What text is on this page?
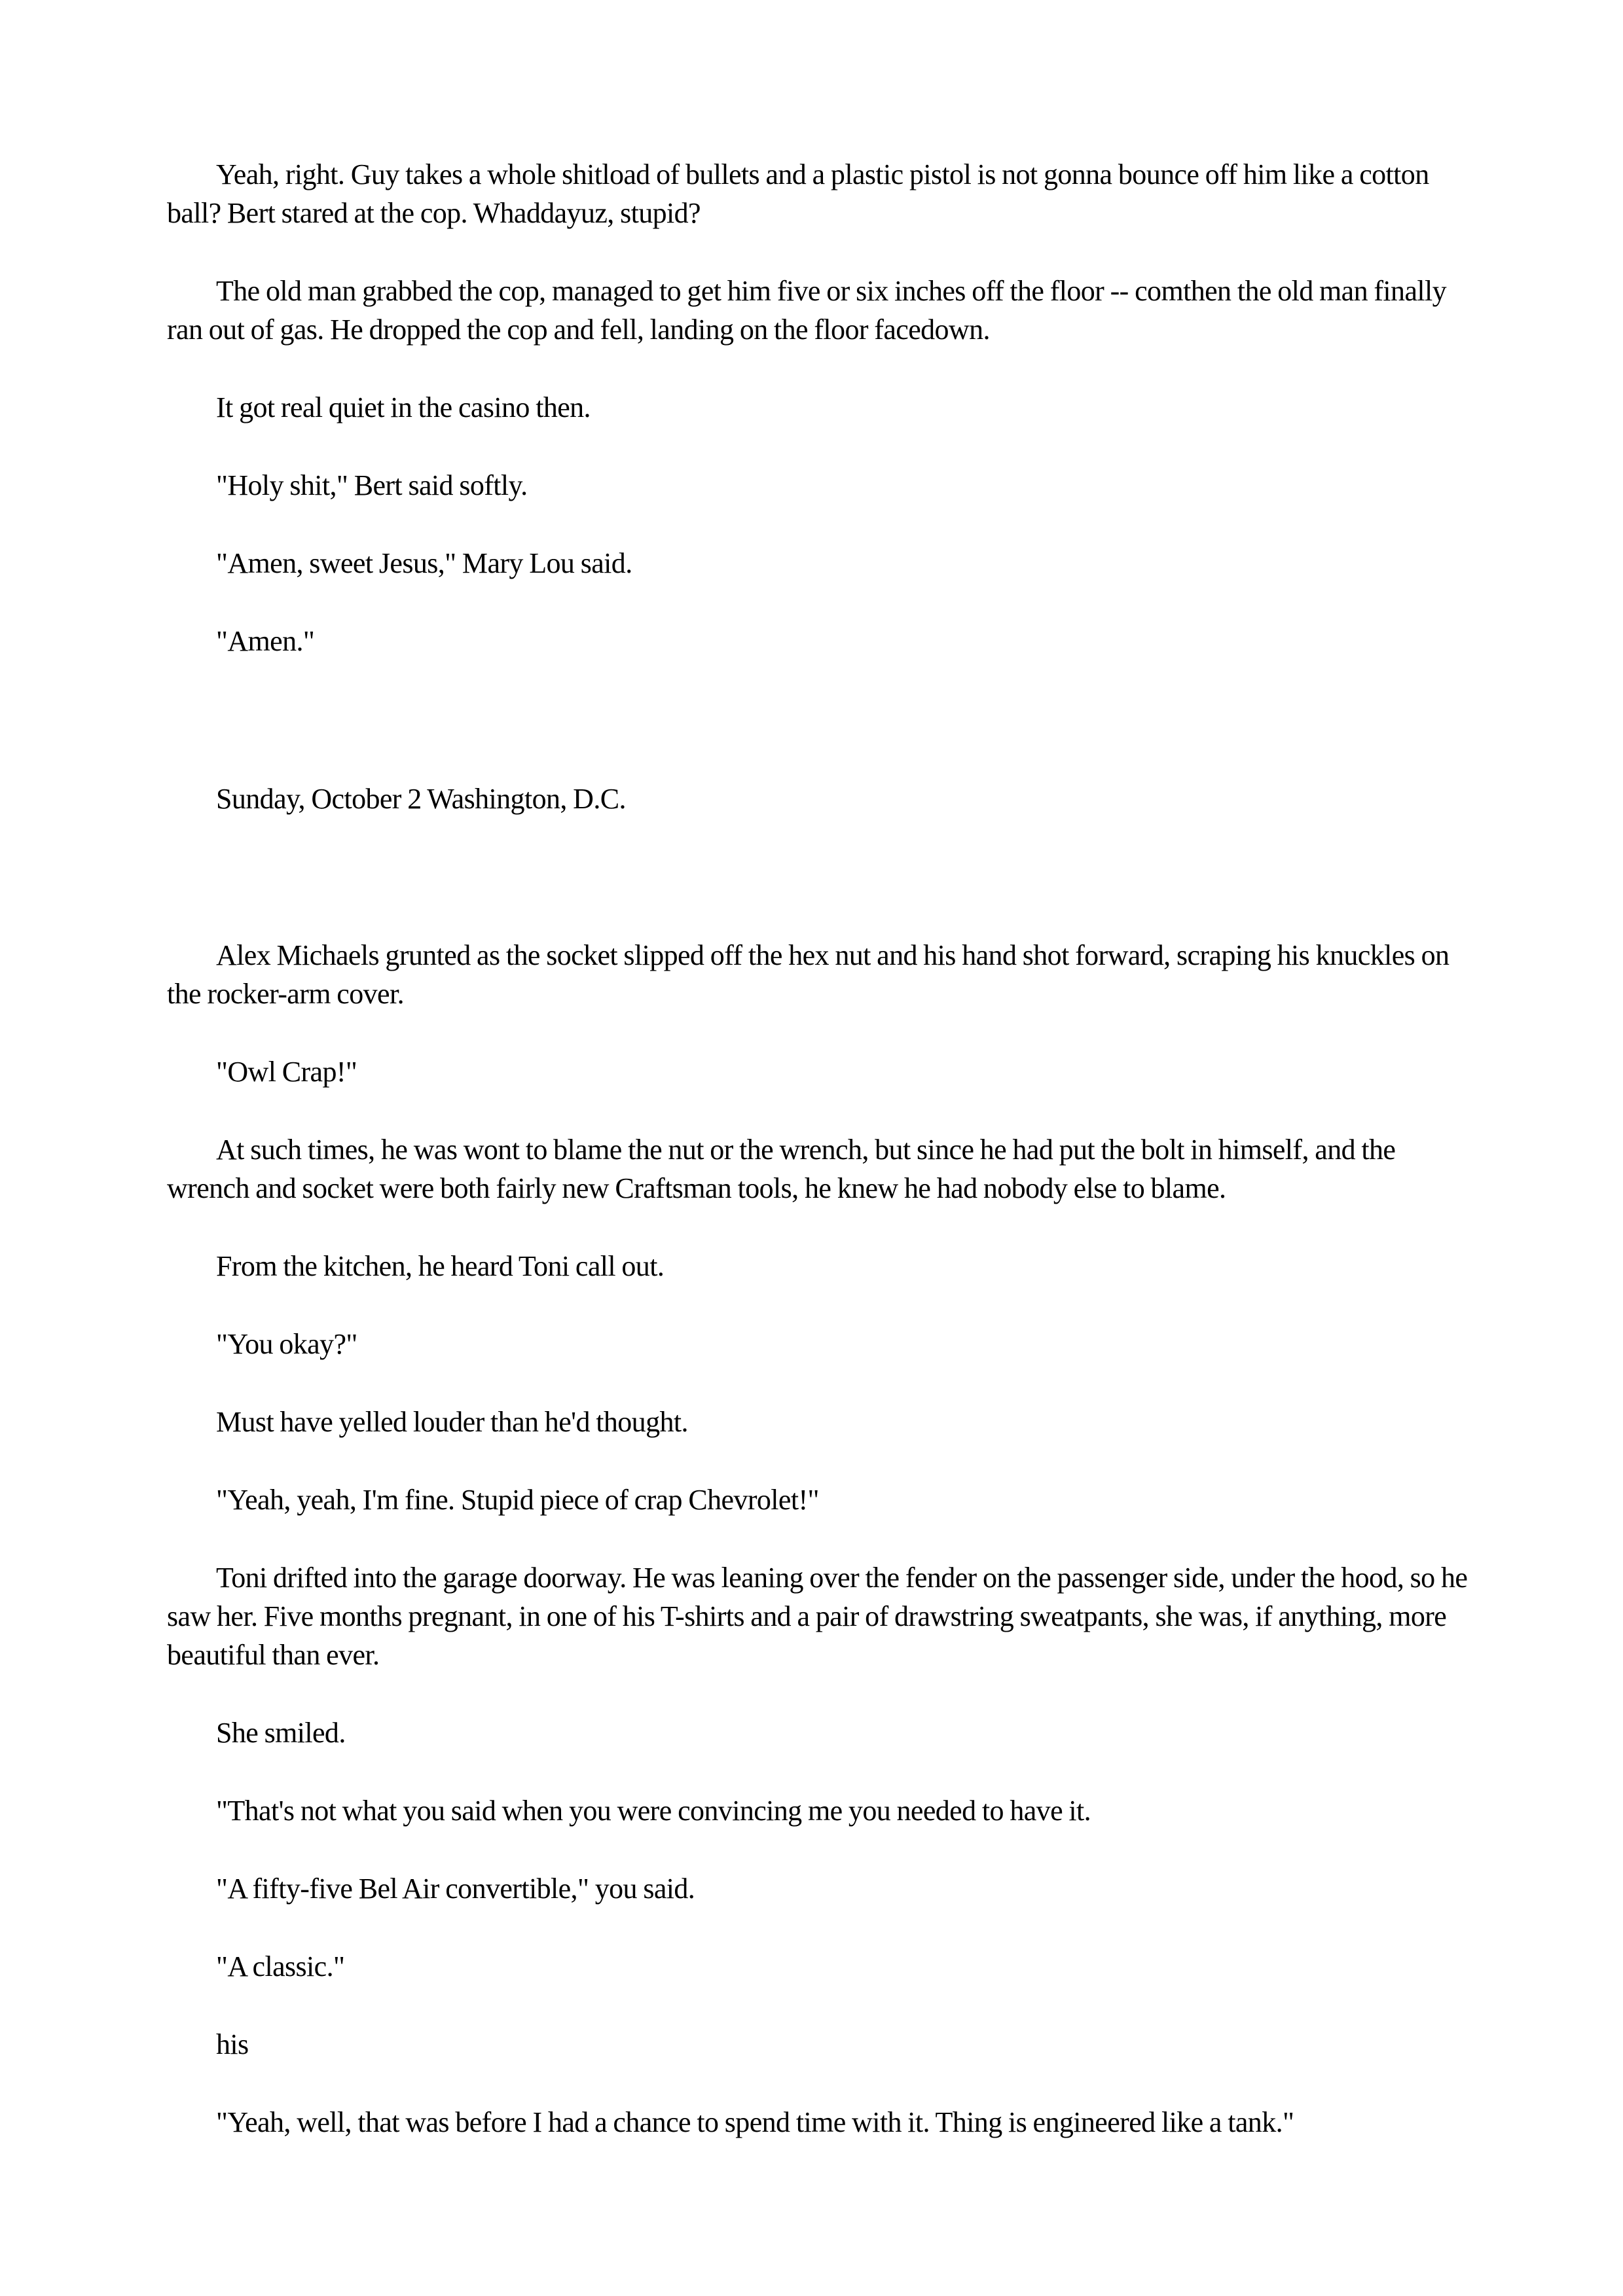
Yeah, right. Guy takes a whole shitload of bullets and a plastic pistol is not gonna bounce off him like a cotton ball? Bert stared at the cop. Whaddayuz, stupid?

The old man grabbed the cop, managed to get him five or six inches off the floor -- comthen the old man finally ran out of gas. He dropped the cop and fell, landing on the floor facedown.

It got real quiet in the casino then.

"Holy shit," Bert said softly.

"Amen, sweet Jesus," Mary Lou said.

"Amen."

Sunday, October 2 Washington, D.C.

Alex Michaels grunted as the socket slipped off the hex nut and his hand shot forward, scraping his knuckles on the rocker-arm cover.

"Owl Crap!"

At such times, he was wont to blame the nut or the wrench, but since he had put the bolt in himself, and the wrench and socket were both fairly new Craftsman tools, he knew he had nobody else to blame.

From the kitchen, he heard Toni call out.

"You okay?"

Must have yelled louder than he'd thought.

"Yeah, yeah, I'm fine. Stupid piece of crap Chevrolet!"

Toni drifted into the garage doorway. He was leaning over the fender on the passenger side, under the hood, so he saw her. Five months pregnant, in one of his T-shirts and a pair of drawstring sweatpants, she was, if anything, more beautiful than ever.

She smiled.

"That's not what you said when you were convincing me you needed to have it.

"A fifty-five Bel Air convertible," you said.

"A classic."

his

"Yeah, well, that was before I had a chance to spend time with it. Thing is engineered like a tank."
